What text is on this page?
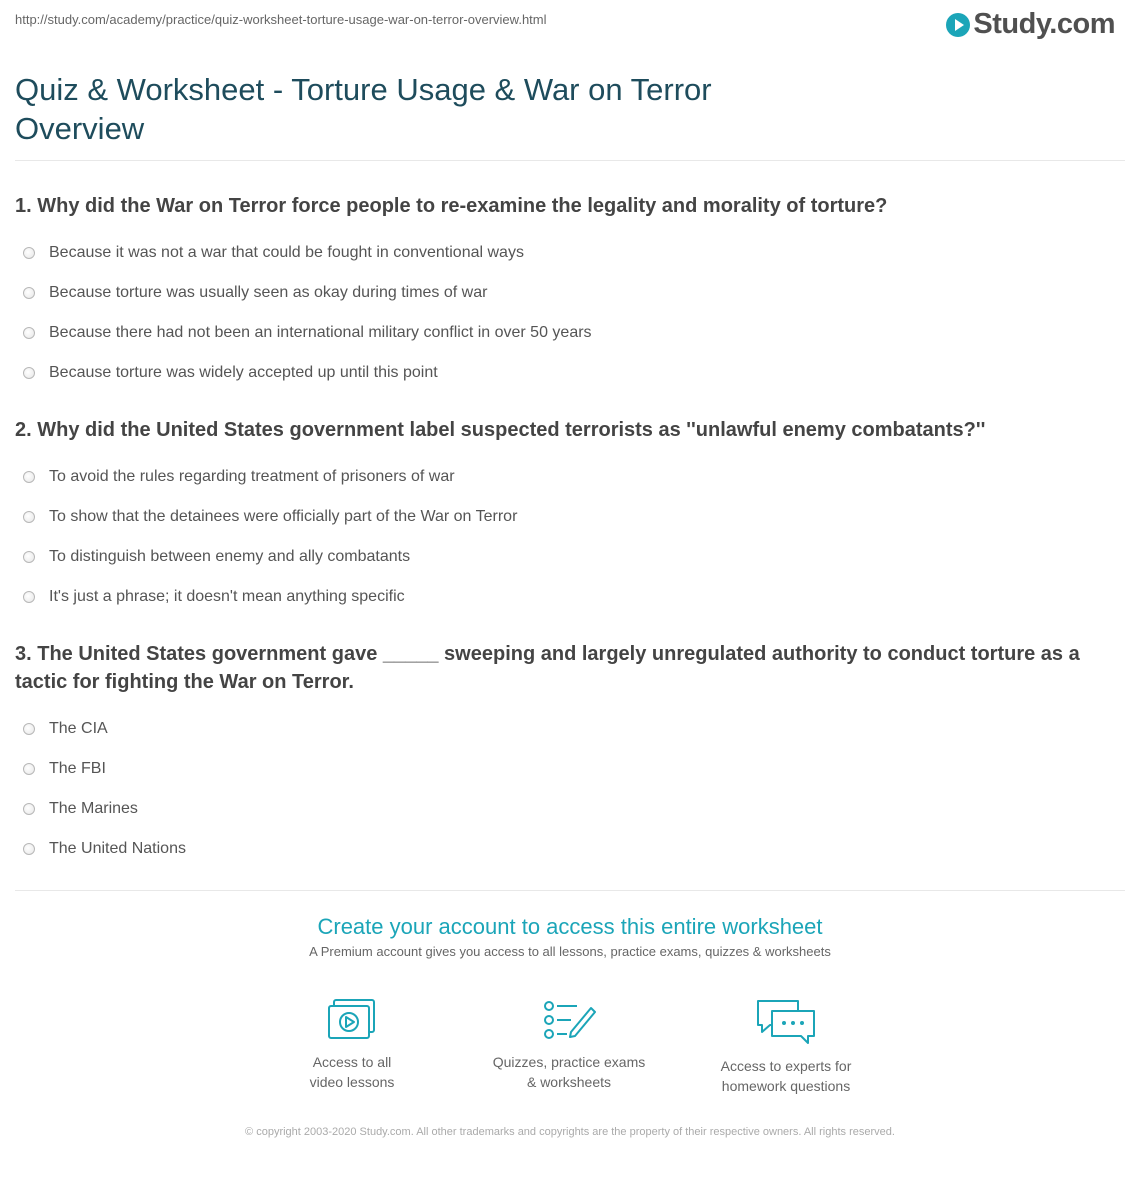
http://study.com/academy/practice/quiz-worksheet-torture-usage-war-on-terror-overview.html	Study.com
Quiz & Worksheet - Torture Usage & War on Terror Overview

1. Why did the War on Terror force people to re-examine the legality and morality of torture?

Because it was not a war that could be fought in conventional ways
Because torture was usually seen as okay during times of war
Because there had not been an international military conflict in over 50 years
Because torture was widely accepted up until this point

2. Why did the United States government label suspected terrorists as ''unlawful enemy combatants?''

To avoid the rules regarding treatment of prisoners of war
To show that the detainees were officially part of the War on Terror
To distinguish between enemy and ally combatants
It's just a phrase; it doesn't mean anything specific

3. The United States government gave _____ sweeping and largely unregulated authority to conduct torture as a tactic for fighting the War on Terror.

The CIA
The FBI
The Marines
The United Nations
Create your account to access this entire worksheet
A Premium account gives you access to all lessons, practice exams, quizzes & worksheets
Access to all
video lessons
Quizzes, practice exams
& worksheets
Access to experts for
homework questions
© copyright 2003-2020 Study.com. All other trademarks and copyrights are the property of their respective owners. All rights reserved.
